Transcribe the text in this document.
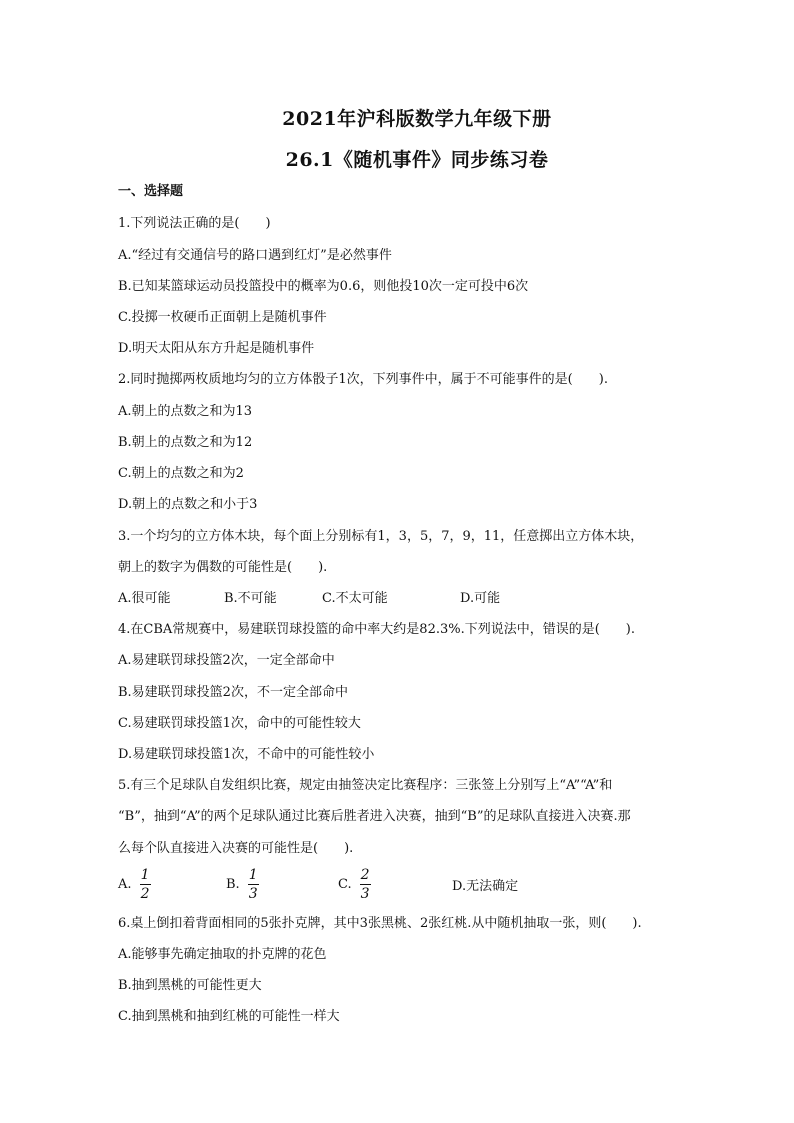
2021年沪科版数学九年级下册
26.1《随机事件》同步练习卷
一、选择题
1.下列说法正确的是(　　)
A.“经过有交通信号的路口遇到红灯”是必然事件
B.已知某篮球运动员投篮投中的概率为0.6，则他投10次一定可投中6次
C.投掷一枚硬币正面朝上是随机事件
D.明天太阳从东方升起是随机事件
2.同时抛掷两枚质地均匀的立方体骰子1次，下列事件中，属于不可能事件的是(　　).
A.朝上的点数之和为13
B.朝上的点数之和为12
C.朝上的点数之和为2
D.朝上的点数之和小于3
3.一个均匀的立方体木块，每个面上分别标有1，3，5，7，9，11，任意掷出立方体木块，
朝上的数字为偶数的可能性是(　　).
A.很可能	B.不可能	C.不太可能	D.可能
4.在CBA常规赛中，易建联罚球投篮的命中率大约是82.3%.下列说法中，错误的是(　　).
A.易建联罚球投篮2次，一定全部命中
B.易建联罚球投篮2次，不一定全部命中
C.易建联罚球投篮1次，命中的可能性较大
D.易建联罚球投篮1次，不命中的可能性较小
5.有三个足球队自发组织比赛，规定由抽签决定比赛程序：三张签上分别写上“A”“A”和
“B”，抽到“A”的两个足球队通过比赛后胜者进入决赛，抽到“B”的足球队直接进入决赛.那
么每个队直接进入决赛的可能性是(　　).
A. $\frac{1}{2}$	B. $\frac{1}{3}$	C. $\frac{2}{3}$	D.无法确定
6.桌上倒扣着背面相同的5张扑克牌，其中3张黑桃、2张红桃.从中随机抽取一张，则(　　).
A.能够事先确定抽取的扑克牌的花色
B.抽到黑桃的可能性更大
C.抽到黑桃和抽到红桃的可能性一样大
